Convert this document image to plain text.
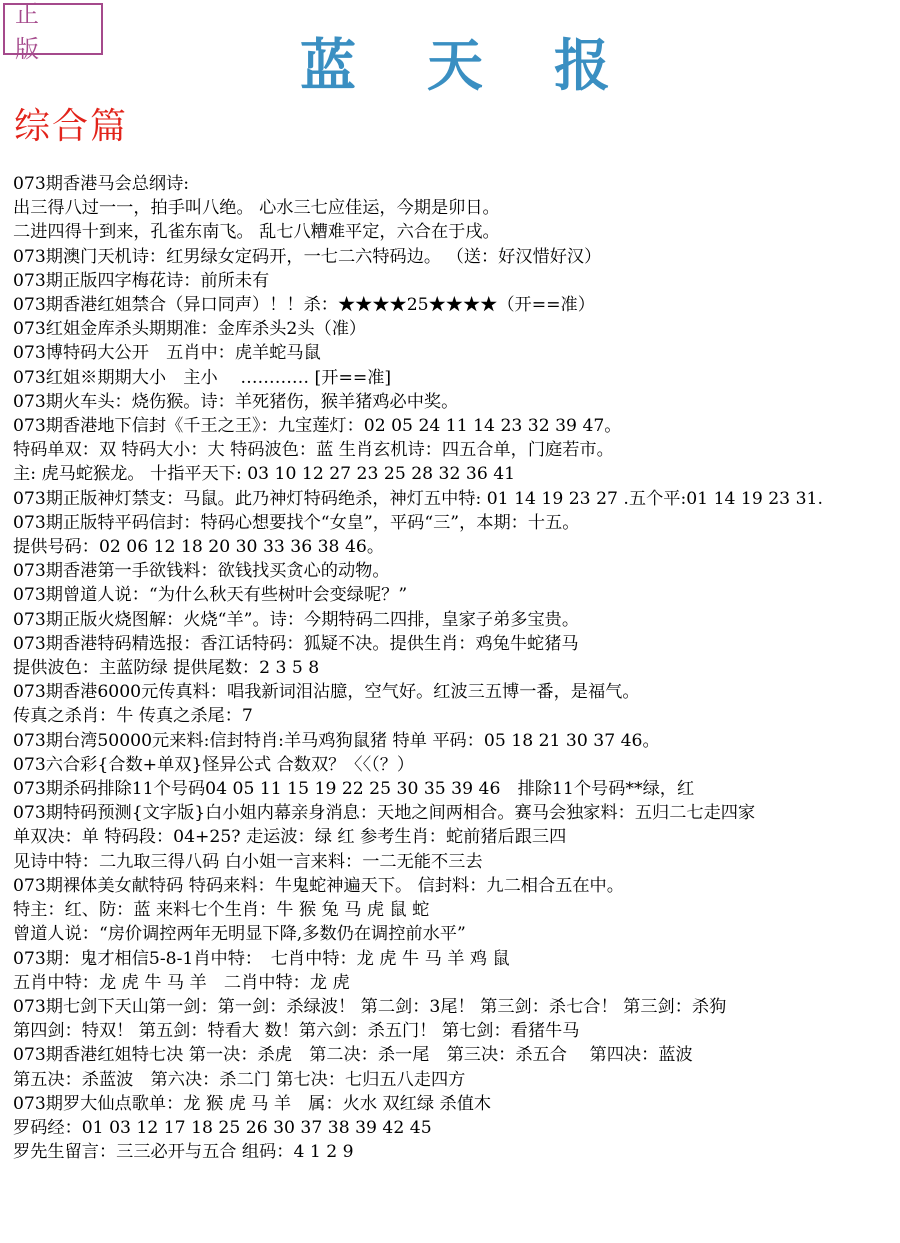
正 版	蓝 天 报
综合篇
073期香港马会总纲诗:
出三得八过一一，拍手叫八绝。 心水三七应佳运，今期是卯日。
二进四得十到来，孔雀东南飞。 乱七八糟难平定，六合在于戌。
073期澳门天机诗：红男绿女定码开，一七二六特码边。 （送：好汉惜好汉）
073期正版四字梅花诗：前所未有
073期香港红姐禁合（异口同声）！！杀：★★★★25★★★★（开==准）
073红姐金库杀头期期准：金库杀头2头（准）
073博特码大公开　五肖中：虎羊蛇马鼠
073红姐※期期大小　主小　 ………… [开==准]
073期火车头：烧伤猴。诗：羊死猪伤，猴羊猪鸡必中奖。
073期香港地下信封《千王之王》：九宝莲灯：02 05 24 11 14 23 32 39 47。
特码单双：双 特码大小：大 特码波色：蓝 生肖玄机诗：四五合单，门庭若市。
主: 虎马蛇猴龙。 十指平天下: 03 10 12 27 23 25 28 32 36 41
073期正版神灯禁支：马鼠。此乃神灯特码绝杀，神灯五中特: 01 14 19 23 27 .五个平:01 14 19 23 31.
073期正版特平码信封：特码心想要找个“女皇”，平码“三”，本期：十五。
提供号码：02 06 12 18 20 30 33 36 38 46。
073期香港第一手欲钱料：欲钱找买贪心的动物。
073期曾道人说：“为什么秋天有些树叶会变绿呢？”
073期正版火烧图解：火烧“羊”。诗：今期特码二四排，皇家子弟多宝贵。
073期香港特码精选报：香江话特码：狐疑不决。提供生肖：鸡兔牛蛇猪马
提供波色：主蓝防绿 提供尾数：2 3 5 8
073期香港6000元传真料：唱我新词泪沾臆，空气好。红波三五博一番，是福气。
传真之杀肖：牛 传真之杀尾：7
073期台湾50000元来料:信封特肖:羊马鸡狗鼠猪 特单 平码：05 18 21 30 37 46。
073六合彩{合数+单双}怪异公式 合数双？〈〈（？）
073期杀码排除11个号码04 05 11 15 19 22 25 30 35 39 46　排除11个号码**绿，红
073期特码预测{文字版}白小姐内幕亲身消息：天地之间两相合。赛马会独家料：五归二七走四家
单双决：单 特码段：04+25? 走运波：绿 红 参考生肖：蛇前猪后跟三四
见诗中特：二九取三得八码 白小姐一言来料：一二无能不三去
073期裸体美女献特码 特码来料：牛鬼蛇神遍天下。 信封料：九二相合五在中。
特主：红、防：蓝 来料七个生肖：牛 猴 兔 马 虎 鼠 蛇
曾道人说：“房价调控两年无明显下降,多数仍在调控前水平”
073期：鬼才相信5-8-1肖中特：　七肖中特：龙 虎 牛 马 羊 鸡 鼠
五肖中特：龙 虎 牛 马 羊　二肖中特：龙 虎
073期七剑下天山第一剑：第一剑：杀绿波！ 第二剑：3尾！ 第三剑：杀七合！ 第三剑：杀狗
第四剑：特双！ 第五剑：特看大 数！第六剑：杀五门！ 第七剑：看猪牛马
073期香港红姐特七决 第一决：杀虎　第二决：杀一尾　第三决：杀五合　 第四决：蓝波
第五决：杀蓝波　第六决：杀二门 第七决：七归五八走四方
073期罗大仙点歌单：龙 猴 虎 马 羊　属：火水 双红绿 杀值木
罗码经：01 03 12 17 18 25 26 30 37 38 39 42 45
罗先生留言：三三必开与五合 组码：4 1 2 9
